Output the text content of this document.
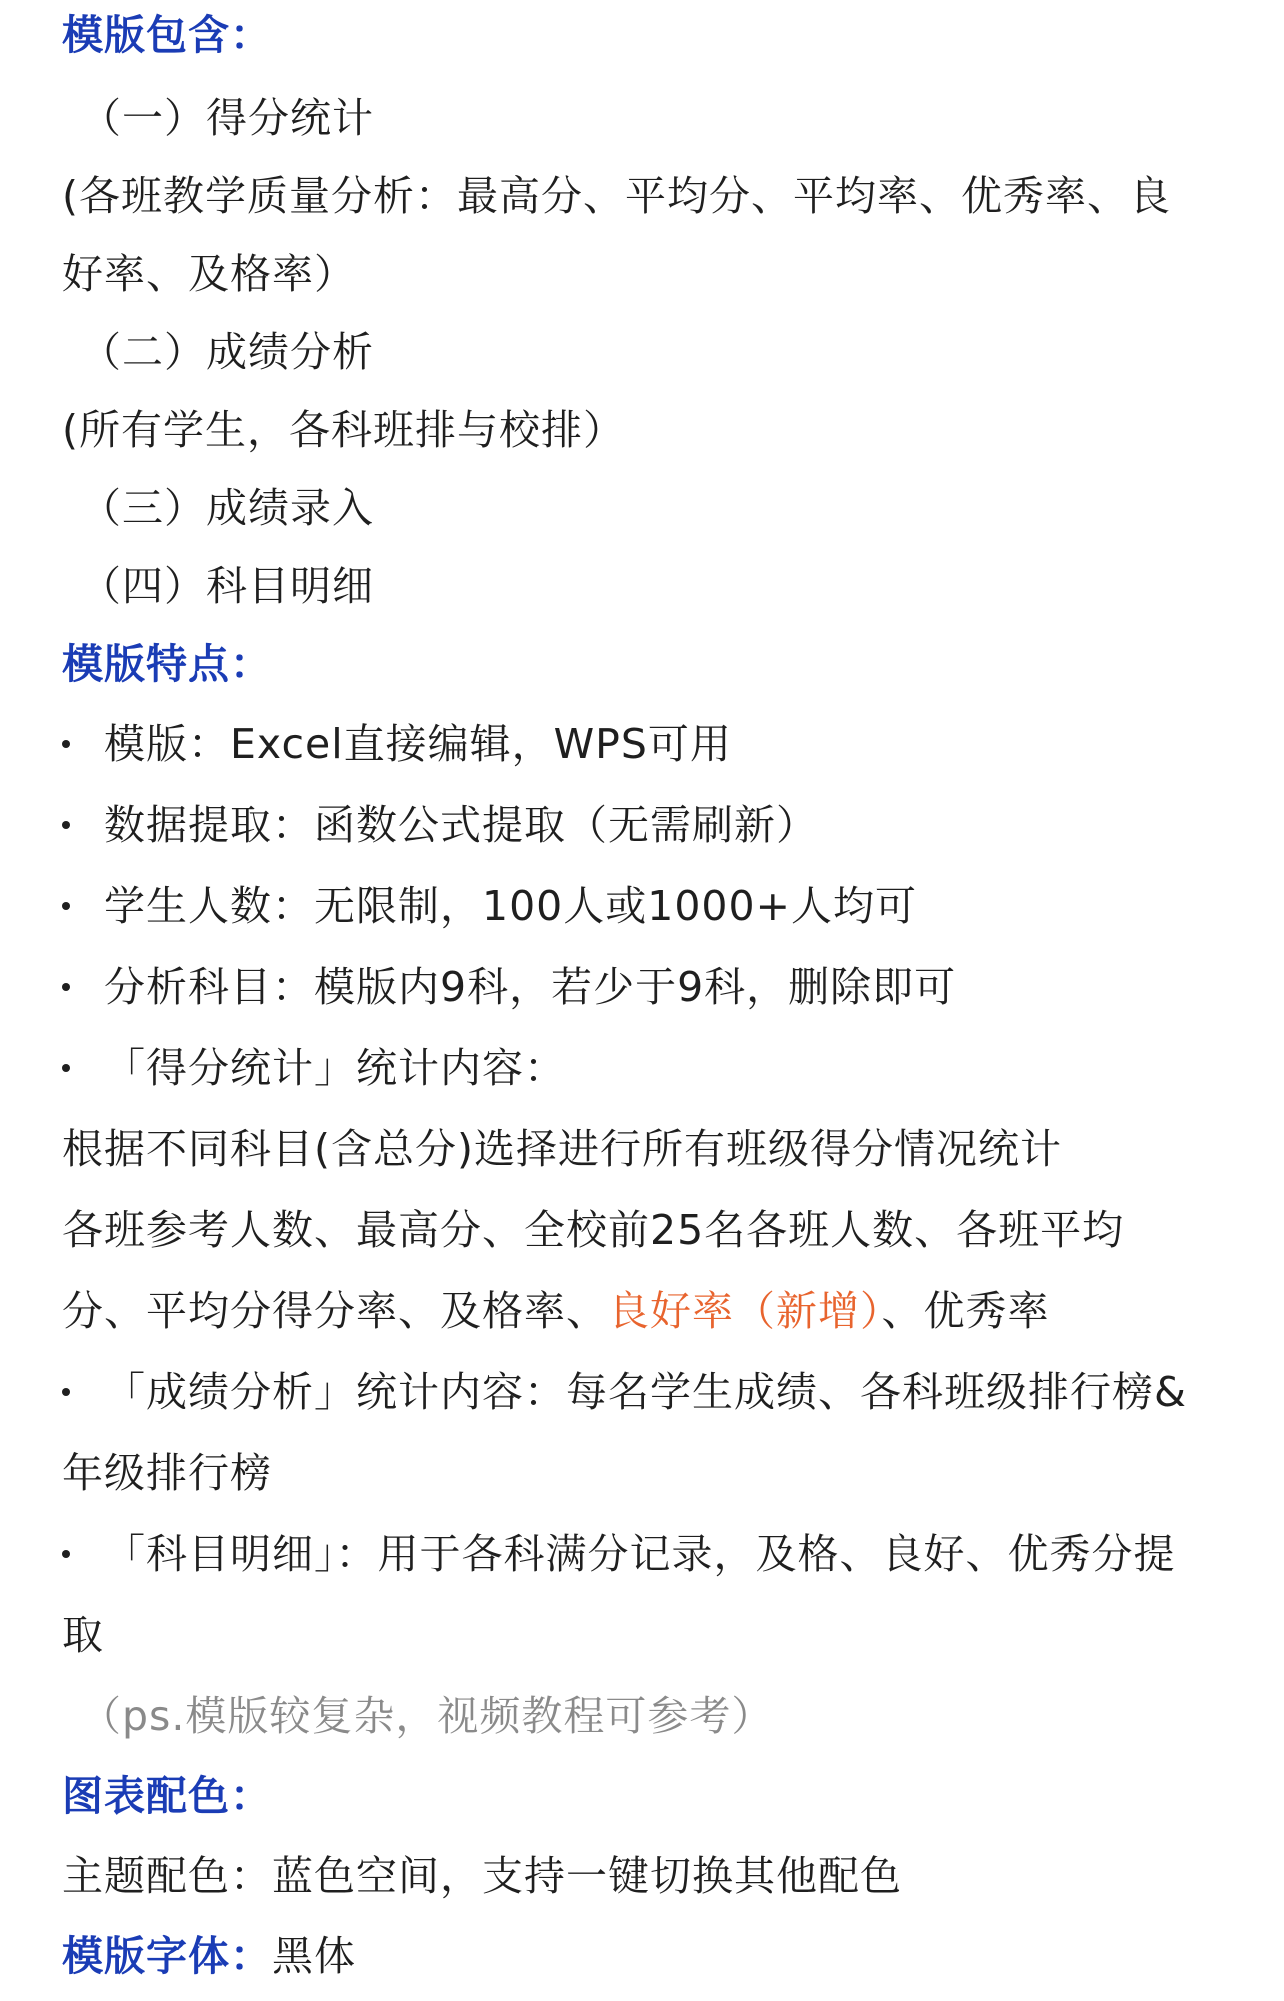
模版包含：
（一）得分统计
(各班教学质量分析：最高分、平均分、平均率、优秀率、良
好率、及格率）
（二）成绩分析
(所有学生，各科班排与校排）
（三）成绩录入
（四）科目明细
模版特点：
模版：Excel直接编辑，WPS可用
数据提取：函数公式提取（无需刷新）
学生人数：无限制，100人或1000+人均可
分析科目：模版内9科，若少于9科，删除即可
「得分统计」统计内容：
根据不同科目(含总分)选择进行所有班级得分情况统计
各班参考人数、最高分、全校前25名各班人数、各班平均
分、平均分得分率、及格率、良好率（新增）、优秀率
「成绩分析」统计内容：每名学生成绩、各科班级排行榜&
年级排行榜
「科目明细」：用于各科满分记录，及格、良好、优秀分提
取
（ps.模版较复杂，视频教程可参考）
图表配色：
主题配色：蓝色空间，支持一键切换其他配色
模版字体：黑体
